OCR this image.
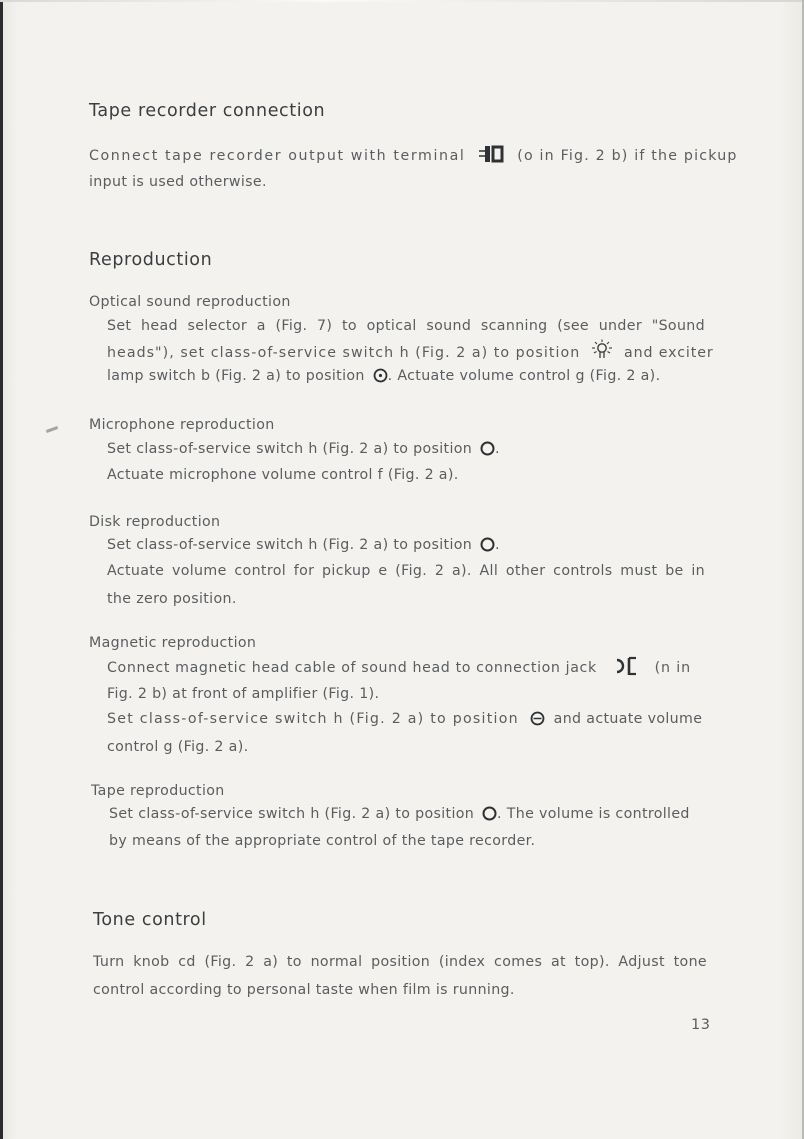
Tape recorder connection

Connect tape recorder output with terminal	(o in Fig. 2 b) if the pickup

input is used otherwise.

Reproduction

Optical sound reproduction

Set head selector a (Fig. 7) to optical sound scanning (see under "Sound

heads"), set class-of-service switch h (Fig. 2 a) to position	and exciter

lamp switch b (Fig. 2 a) to position . Actuate volume control g (Fig. 2 a).

Microphone reproduction

Set class-of-service switch h (Fig. 2 a) to position .

Actuate microphone volume control f (Fig. 2 a).

Disk reproduction

Set class-of-service switch h (Fig. 2 a) to position .

Actuate volume control for pickup e (Fig. 2 a). All other controls must be in

the zero position.

Magnetic reproduction

Connect magnetic head cable of sound head to connection jack	(n in

Fig. 2 b) at front of amplifier (Fig. 1).

Set class-of-service switch h (Fig. 2 a) to position and actuate volume

control g (Fig. 2 a).

Tape reproduction

Set class-of-service switch h (Fig. 2 a) to position . The volume is controlled

by means of the appropriate control of the tape recorder.

Tone control

Turn knob cd (Fig. 2 a) to normal position (index comes at top). Adjust tone

control according to personal taste when film is running.

13
